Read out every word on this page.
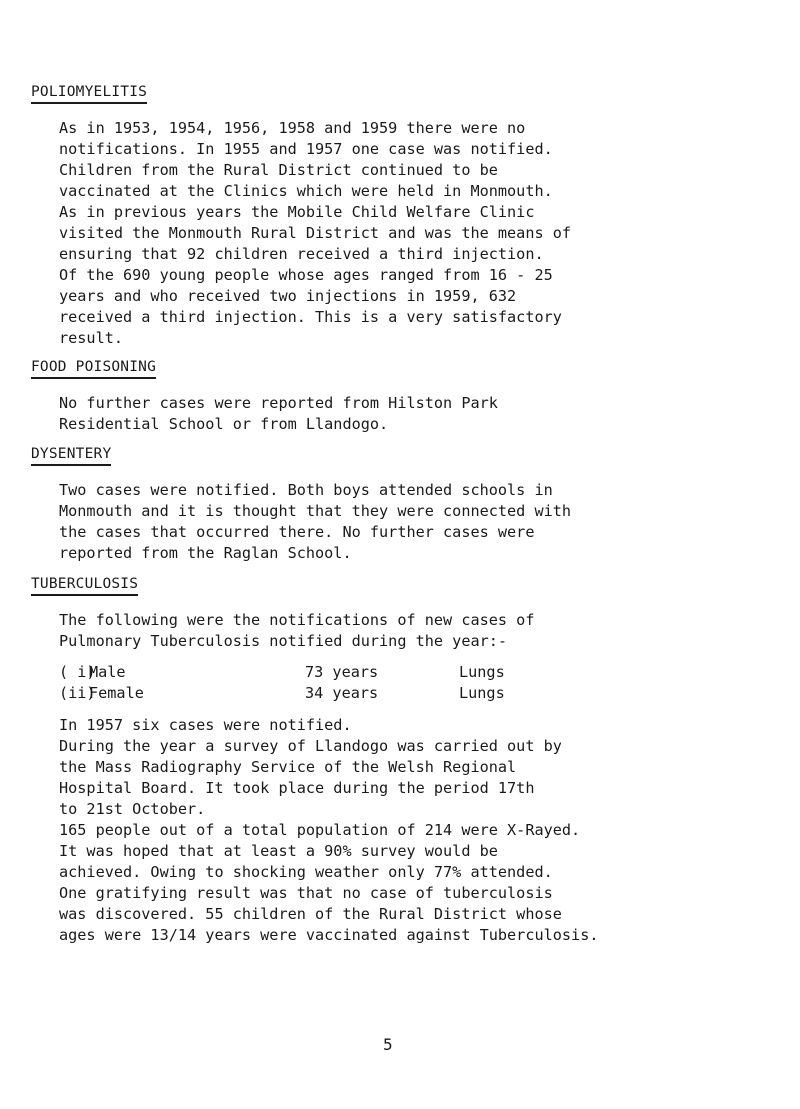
POLIOMYELITIS
As in 1953, 1954, 1956, 1958 and 1959 there were no
notifications. In 1955 and 1957 one case was notified.
Children from the Rural District continued to be
vaccinated at the Clinics which were held in Monmouth.
As in previous years the Mobile Child Welfare Clinic
visited the Monmouth Rural District and was the means of
ensuring that 92 children received a third injection.
Of the 690 young people whose ages ranged from 16 - 25
years and who received two injections in 1959, 632
received a third injection. This is a very satisfactory
result.
FOOD POISONING
No further cases were reported from Hilston Park
Residential School or from Llandogo.
DYSENTERY
Two cases were notified. Both boys attended schools in
Monmouth and it is thought that they were connected with
the cases that occurred there. No further cases were
reported from the Raglan School.
TUBERCULOSIS
The following were the notifications of new cases of
Pulmonary Tuberculosis notified during the year:-
( i)
Male	73 years	Lungs
(ii)
Female	34 years	Lungs
In 1957 six cases were notified.
During the year a survey of Llandogo was carried out by
the Mass Radiography Service of the Welsh Regional
Hospital Board. It took place during the period 17th
to 21st October.
165 people out of a total population of 214 were X-Rayed.
It was hoped that at least a 90% survey would be
achieved. Owing to shocking weather only 77% attended.
One gratifying result was that no case of tuberculosis
was discovered. 55 children of the Rural District whose
ages were 13/14 years were vaccinated against Tuberculosis.
5
